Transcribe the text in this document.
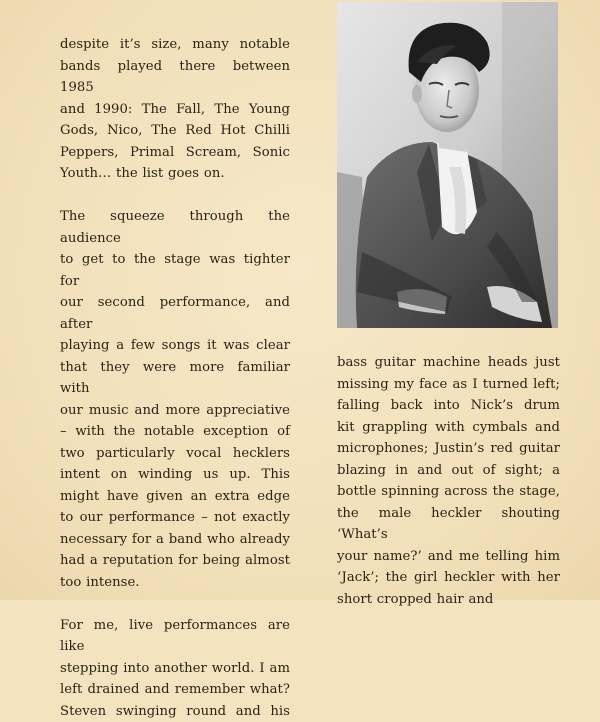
despite it’s size, many notable

bands played there between 1985

and 1990: The Fall, The Young

Gods, Nico, The Red Hot Chilli

Peppers, Primal Scream, Sonic

Youth… the list goes on.

The squeeze through the audience

to get to the stage was tighter for

our second performance, and after

playing a few songs it was clear

that they were more familiar with

our music and more appreciative

– with the notable exception of

two particularly vocal hecklers

intent on winding us up. This

might have given an extra edge

to our performance – not exactly

necessary for a band who already

had a reputation for being almost

too intense.

For me, live performances are like

stepping into another world. I am

left drained and remember what?

Steven swinging round and his

bass guitar machine heads just

missing my face as I turned left;

falling back into Nick’s drum

kit grappling with cymbals and

microphones; Justin’s red guitar

blazing in and out of sight; a

bottle spinning across the stage,

the male heckler shouting ‘What’s

your name?’ and me telling him

‘Jack’; the girl heckler with her

short cropped hair and
